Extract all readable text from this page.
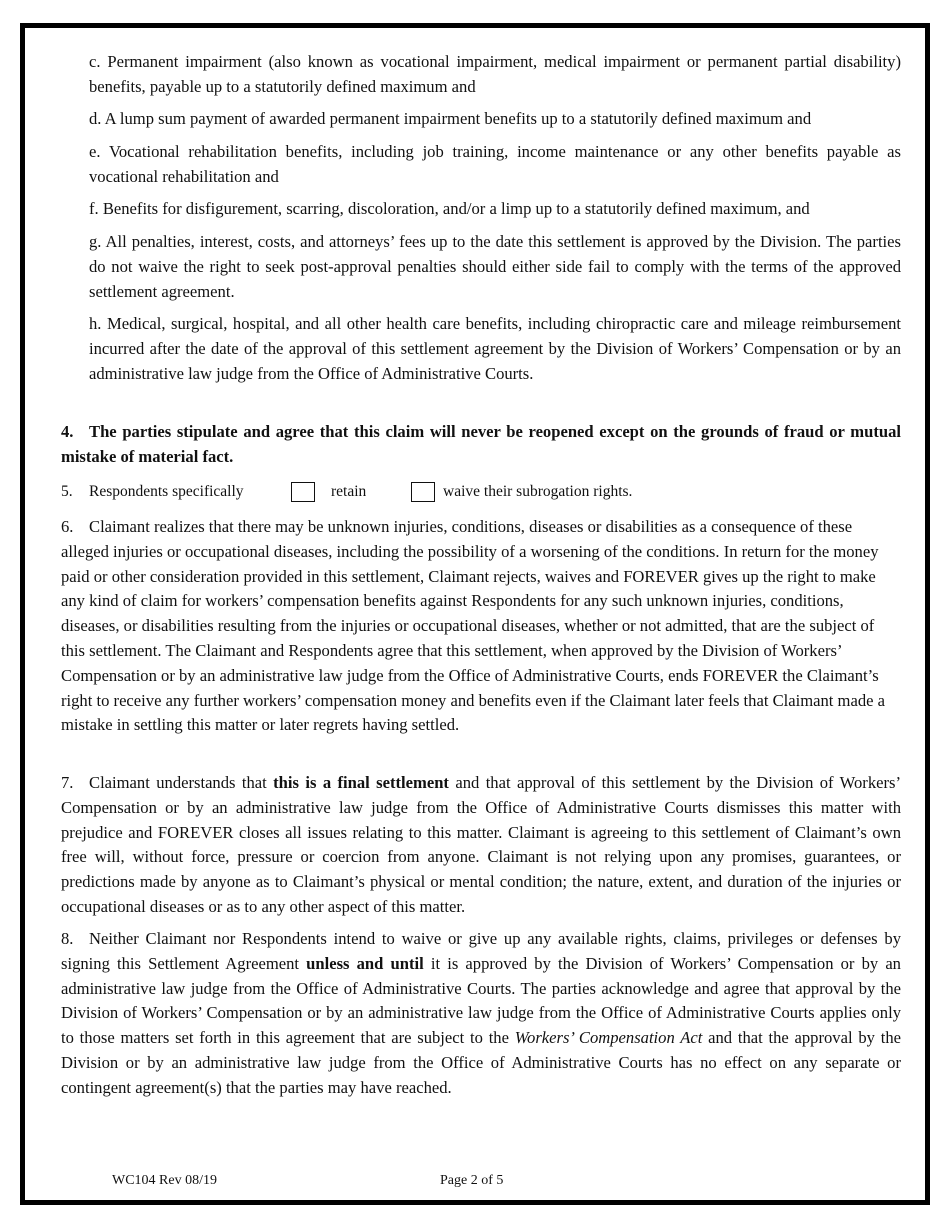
c. Permanent impairment (also known as vocational impairment, medical impairment or permanent partial disability) benefits, payable up to a statutorily defined maximum and

d. A lump sum payment of awarded permanent impairment benefits up to a statutorily defined maximum and

e. Vocational rehabilitation benefits, including job training, income maintenance or any other benefits payable as vocational rehabilitation and

f. Benefits for disfigurement, scarring, discoloration, and/or a limp up to a statutorily defined maximum, and

g. All penalties, interest, costs, and attorneys’ fees up to the date this settlement is approved by the Division. The parties do not waive the right to seek post-approval penalties should either side fail to comply with the terms of the approved settlement agreement.

h. Medical, surgical, hospital, and all other health care benefits, including chiropractic care and mileage reimbursement incurred after the date of the approval of this settlement agreement by the Division of Workers’ Compensation or by an administrative law judge from the Office of Administrative Courts.

4. The parties stipulate and agree that this claim will never be reopened except on the grounds of fraud or mutual mistake of material fact.

5. Respondents specifically	retain	waive their subrogation rights.

6. Claimant realizes that there may be unknown injuries, conditions, diseases or disabilities as a consequence of these alleged injuries or occupational diseases, including the possibility of a worsening of the conditions. In return for the money paid or other consideration provided in this settlement, Claimant rejects, waives and FOREVER gives up the right to make any kind of claim for workers’ compensation benefits against Respondents for any such unknown injuries, conditions, diseases, or disabilities resulting from the injuries or occupational diseases, whether or not admitted, that are the subject of this settlement. The Claimant and Respondents agree that this settlement, when approved by the Division of Workers’ Compensation or by an administrative law judge from the Office of Administrative Courts, ends FOREVER the Claimant’s right to receive any further workers’ compensation money and benefits even if the Claimant later feels that Claimant made a mistake in settling this matter or later regrets having settled.

7. Claimant understands that this is a final settlement and that approval of this settlement by the Division of Workers’ Compensation or by an administrative law judge from the Office of Administrative Courts dismisses this matter with prejudice and FOREVER closes all issues relating to this matter. Claimant is agreeing to this settlement of Claimant’s own free will, without force, pressure or coercion from anyone. Claimant is not relying upon any promises, guarantees, or predictions made by anyone as to Claimant’s physical or mental condition; the nature, extent, and duration of the injuries or occupational diseases or as to any other aspect of this matter.

8. Neither Claimant nor Respondents intend to waive or give up any available rights, claims, privileges or defenses by signing this Settlement Agreement unless and until it is approved by the Division of Workers’ Compensation or by an administrative law judge from the Office of Administrative Courts. The parties acknowledge and agree that approval by the Division of Workers’ Compensation or by an administrative law judge from the Office of Administrative Courts applies only to those matters set forth in this agreement that are subject to the Workers’ Compensation Act and that the approval by the Division or by an administrative law judge from the Office of Administrative Courts has no effect on any separate or contingent agreement(s) that the parties may have reached.

WC104 Rev 08/19	Page 2 of 5
